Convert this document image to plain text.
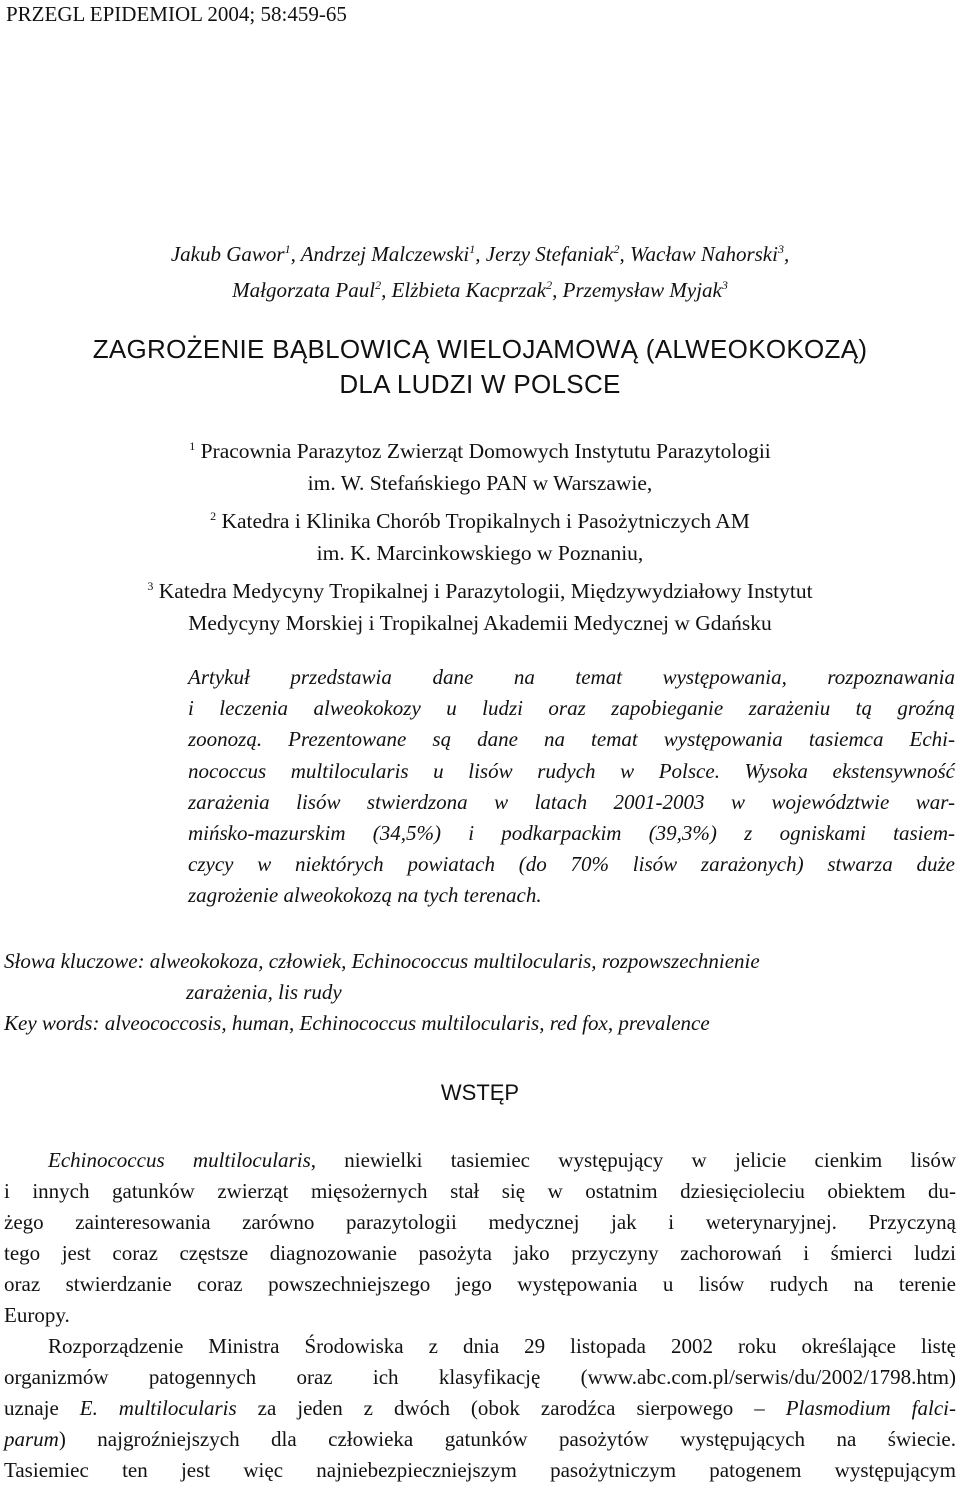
PRZEGL EPIDEMIOL 2004; 58:459-65
Jakub Gawor$^1$, Andrzej Malczewski$^1$, Jerzy Stefaniak$^2$, Wacław Nahorski$^3$,
Małgorzata Paul$^2$, Elżbieta Kacprzak$^2$, Przemysław Myjak$^3$
ZAGROŻENIE BĄBLOWICĄ WIELOJAMOWĄ (ALWEOKOKOZĄ)
DLA LUDZI W POLSCE
$^1$ Pracownia Parazytoz Zwierząt Domowych Instytutu Parazytologii
im. W. Stefańskiego PAN w Warszawie,
$^2$ Katedra i Klinika Chorób Tropikalnych i Pasożytniczych AM
im. K. Marcinkowskiego w Poznaniu,
$^3$ Katedra Medycyny Tropikalnej i Parazytologii, Międzywydziałowy Instytut
Medycyny Morskiej i Tropikalnej Akademii Medycznej w Gdańsku
Artykuł przedstawia dane na temat występowania, rozpoznawania
i leczenia alweokokozy u ludzi oraz zapobieganie zarażeniu tą groźną
zoonozą. Prezentowane są dane na temat występowania tasiemca Echi-
nococcus multilocularis u lisów rudych w Polsce. Wysoka ekstensywność
zarażenia lisów stwierdzona w latach 2001-2003 w województwie war-
mińsko-mazurskim (34,5%) i podkarpackim (39,3%) z ogniskami tasiem-
czycy w niektórych powiatach (do 70% lisów zarażonych) stwarza duże
zagrożenie alweokokozą na tych terenach.
Słowa kluczowe: alweokokoza, człowiek, Echinococcus multilocularis, rozpowszechnienie
zarażenia, lis rudy
Key words: alveococcosis, human, Echinococcus multilocularis, red fox, prevalence
WSTĘP
Echinococcus multilocularis, niewielki tasiemiec występujący w jelicie cienkim lisów
i innych gatunków zwierząt mięsożernych stał się w ostatnim dziesięcioleciu obiektem du-
żego zainteresowania zarówno parazytologii medycznej jak i weterynaryjnej. Przyczyną
tego jest coraz częstsze diagnozowanie pasożyta jako przyczyny zachorowań i śmierci ludzi
oraz stwierdzanie coraz powszechniejszego jego występowania u lisów rudych na terenie
Europy.
Rozporządzenie Ministra Środowiska z dnia 29 listopada 2002 roku określające listę
organizmów patogennych oraz ich klasyfikację (www.abc.com.pl/serwis/du/2002/1798.htm)
uznaje E. multilocularis za jeden z dwóch (obok zarodźca sierpowego – Plasmodium falci-
parum) najgroźniejszych dla człowieka gatunków pasożytów występujących na świecie.
Tasiemiec ten jest więc najniebezpieczniejszym pasożytniczym patogenem występującym
